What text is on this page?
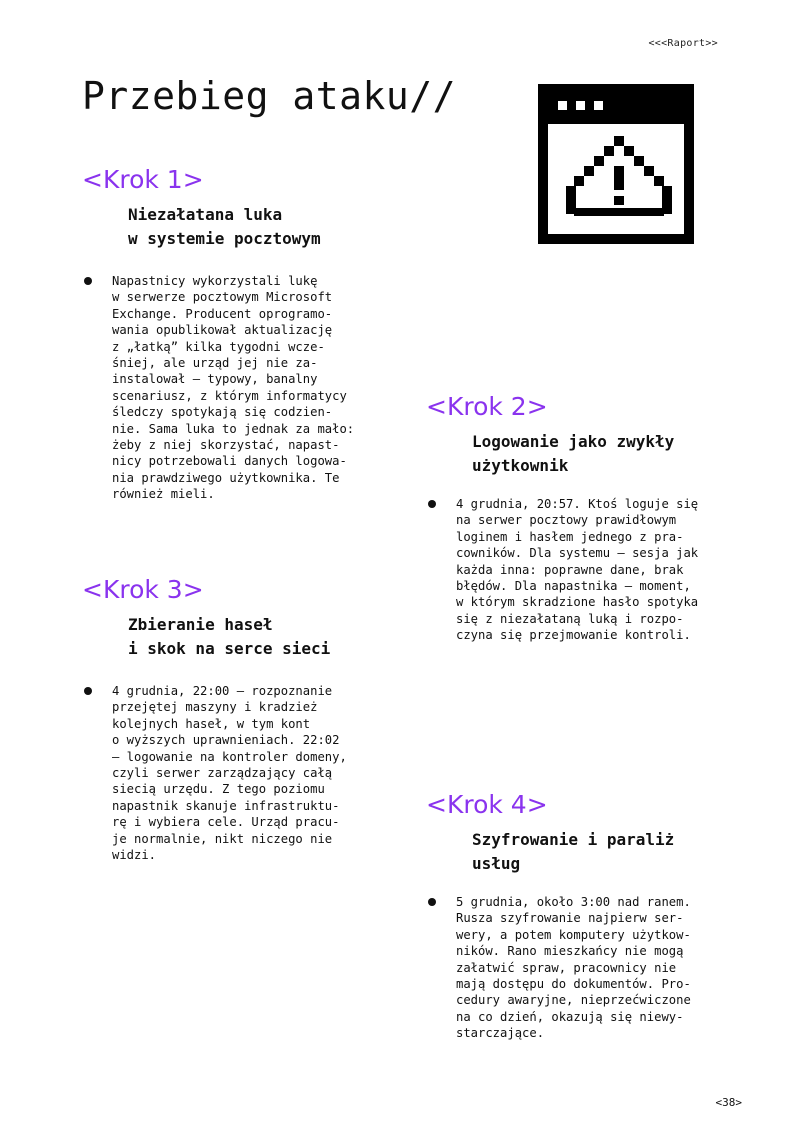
<<<Raport>>
Przebieg ataku//
<Krok 1>
Niezałatana luka
w systemie pocztowym

Napastnicy wykorzystali lukę
w serwerze pocztowym Microsoft
Exchange. Producent oprogramo-
wania opublikował aktualizację
z „łatką” kilka tygodni wcze-
śniej, ale urząd jej nie za-
instalował — typowy, banalny
scenariusz, z którym informatycy
śledczy spotykają się codzien-
nie. Sama luka to jednak za mało:
żeby z niej skorzystać, napast-
nicy potrzebowali danych logowa-
nia prawdziwego użytkownika. Te
również mieli.

<Krok 2>
Logowanie jako zwykły
użytkownik

4 grudnia, 20:57. Ktoś loguje się
na serwer pocztowy prawidłowym
loginem i hasłem jednego z pra-
cowników. Dla systemu — sesja jak
każda inna: poprawne dane, brak
błędów. Dla napastnika — moment,
w którym skradzione hasło spotyka
się z niezałataną luką i rozpo-
czyna się przejmowanie kontroli.

<Krok 3>
Zbieranie haseł
i skok na serce sieci

4 grudnia, 22:00 — rozpoznanie
przejętej maszyny i kradzież
kolejnych haseł, w tym kont
o wyższych uprawnieniach. 22:02
— logowanie na kontroler domeny,
czyli serwer zarządzający całą
siecią urzędu. Z tego poziomu
napastnik skanuje infrastruktu-
rę i wybiera cele. Urząd pracu-
je normalnie, nikt niczego nie
widzi.

<Krok 4>
Szyfrowanie i paraliż
usług

5 grudnia, około 3:00 nad ranem.
Rusza szyfrowanie najpierw ser-
wery, a potem komputery użytkow-
ników. Rano mieszkańcy nie mogą
załatwić spraw, pracownicy nie
mają dostępu do dokumentów. Pro-
cedury awaryjne, nieprzećwiczone
na co dzień, okazują się niewy-
starczające.

<38>
